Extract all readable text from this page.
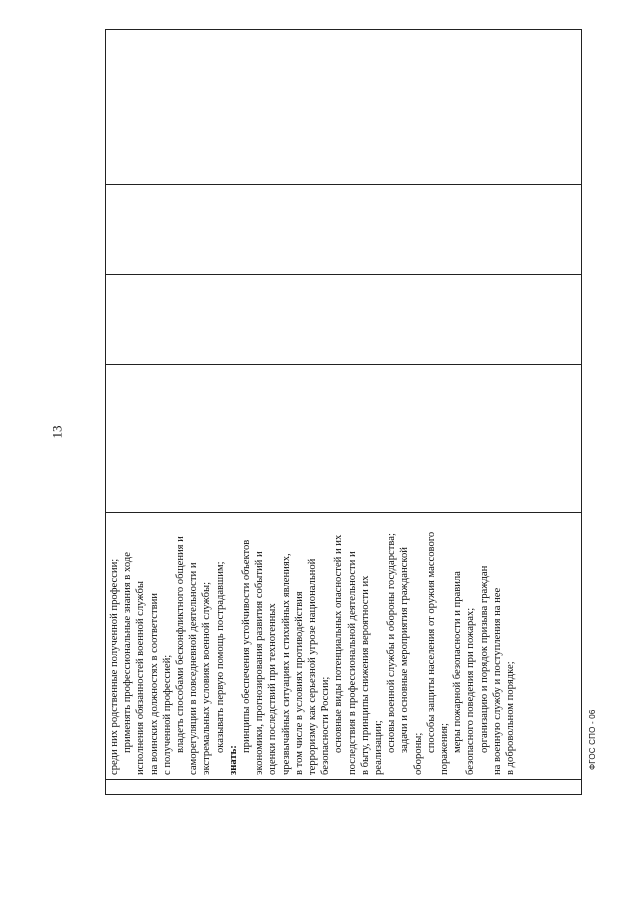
среди них родственные полученной профессии; применять профессиональные знания в ходе исполнения обязанностей военной службы на воинских должностях в соответствии с полученной профессией; владеть способами бесконфликтного общения и саморегуляции в повседневной деятельности и экстремальных условиях военной службы; оказывать первую помощь пострадавшим;
знать:
принципы обеспечения устойчивости объектов экономики, прогнозирования развития событий и оценки последствий при техногенных чрезвычайных ситуациях и стихийных явлениях, в том числе в условиях противодействия терроризму как серьезной угрозе национальной безопасности России; основные виды потенциальных опасностей и их последствия в профессиональной деятельности и в быту, принципы снижения вероятности их реализации; основы военной службы и обороны государства; задачи и основные мероприятия гражданской
обороны;
способы защиты населения от оружия массового поражения; меры пожарной безопасности и правила безопасного поведения при пожарах; организацию и порядок призыва граждан на военную службу и поступления на нее в добровольном порядке;

13
ФГОС СПО - 06
